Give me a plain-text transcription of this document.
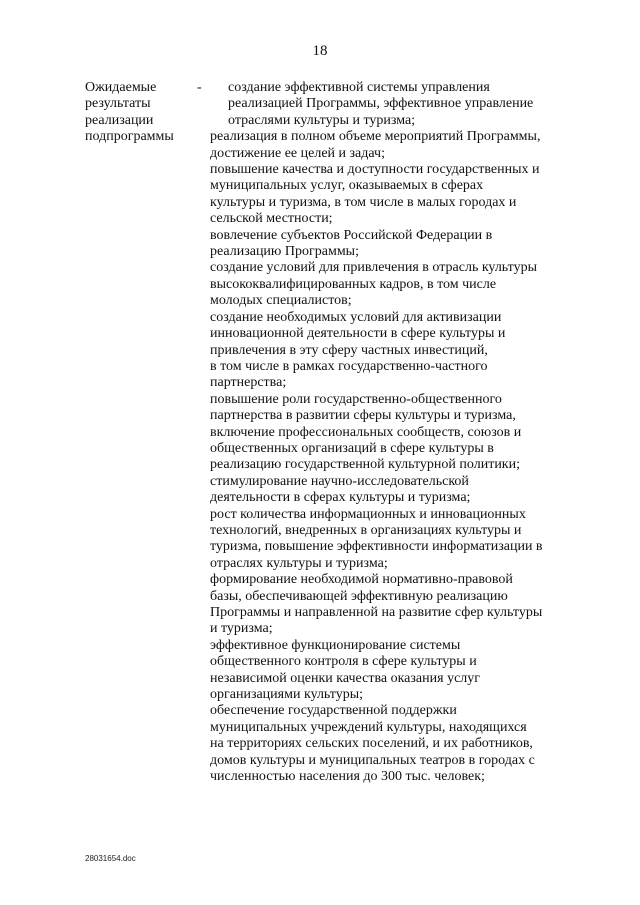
18
Ожидаемые
результаты
реализации
подпрограммы
-	создание эффективной системы управления
реализацией Программы, эффективное управление
отраслями культуры и туризма;
реализация в полном объеме мероприятий Программы,
достижение ее целей и задач;
повышение качества и доступности государственных и
муниципальных услуг, оказываемых в сферах
культуры и туризма, в том числе в малых городах и
сельской местности;
вовлечение субъектов Российской Федерации в
реализацию Программы;
создание условий для привлечения в отрасль культуры
высококвалифицированных кадров, в том числе
молодых специалистов;
создание необходимых условий для активизации
инновационной деятельности в сфере культуры и
привлечения в эту сферу частных инвестиций,
в том числе в рамках государственно-частного
партнерства;
повышение роли государственно-общественного
партнерства в развитии сферы культуры и туризма,
включение профессиональных сообществ, союзов и
общественных организаций в сфере культуры в
реализацию государственной культурной политики;
стимулирование научно-исследовательской
деятельности в сферах культуры и туризма;
рост количества информационных и инновационных
технологий, внедренных в организациях культуры и
туризма, повышение эффективности информатизации в
отраслях культуры и туризма;
формирование необходимой нормативно-правовой
базы, обеспечивающей эффективную реализацию
Программы и направленной на развитие сфер культуры
и туризма;
эффективное функционирование системы
общественного контроля в сфере культуры и
независимой оценки качества оказания услуг
организациями культуры;
обеспечение государственной поддержки
муниципальных учреждений культуры, находящихся
на территориях сельских поселений, и их работников,
домов культуры и муниципальных театров в городах с
численностью населения до 300 тыс. человек;
28031654.doc
